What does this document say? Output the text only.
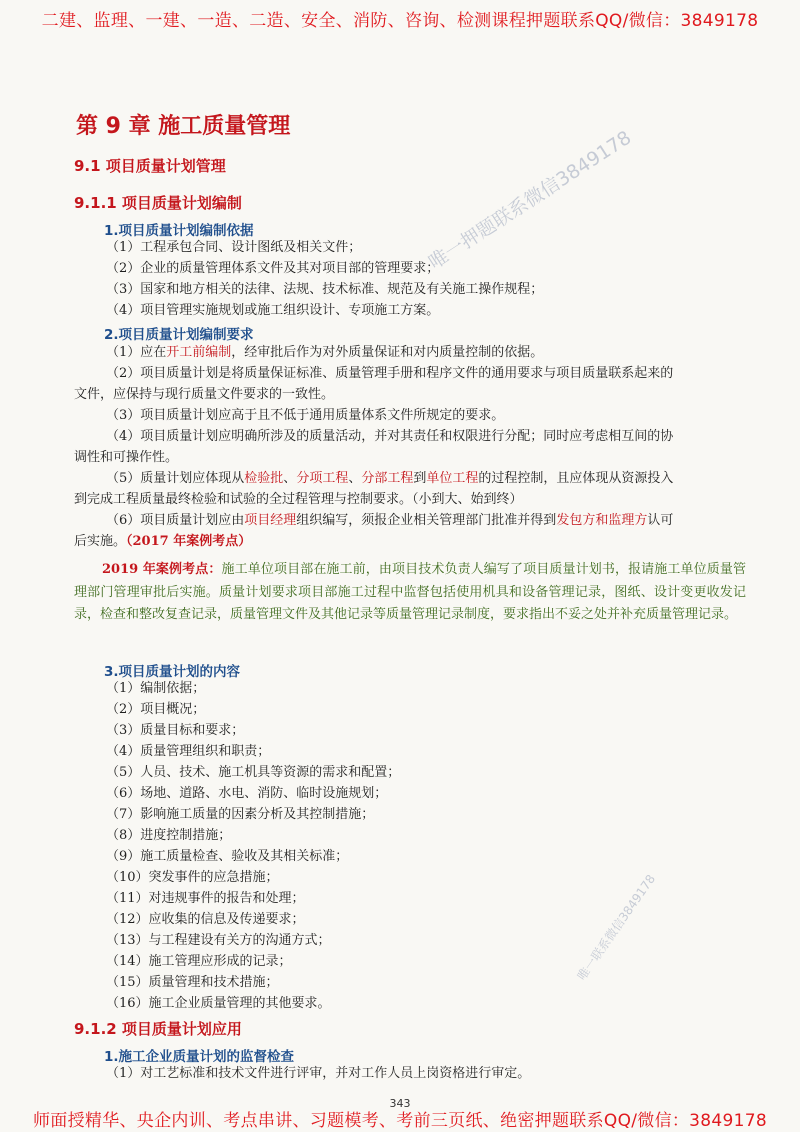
二建、监理、一建、一造、二造、安全、消防、咨询、检测课程押题联系QQ/微信：3849178
唯一押题联系微信3849178
唯一联系微信3849178
第 9 章 施工质量管理
9.1 项目质量计划管理
9.1.1 项目质量计划编制
1.项目质量计划编制依据
（1）工程承包合同、设计图纸及相关文件；
（2）企业的质量管理体系文件及其对项目部的管理要求；
（3）国家和地方相关的法律、法规、技术标准、规范及有关施工操作规程；
（4）项目管理实施规划或施工组织设计、专项施工方案。
2.项目质量计划编制要求
（1）应在开工前编制，经审批后作为对外质量保证和对内质量控制的依据。
（2）项目质量计划是将质量保证标准、质量管理手册和程序文件的通用要求与项目质量联系起来的
文件，应保持与现行质量文件要求的一致性。
（3）项目质量计划应高于且不低于通用质量体系文件所规定的要求。
（4）项目质量计划应明确所涉及的质量活动，并对其责任和权限进行分配；同时应考虑相互间的协
调性和可操作性。
（5）质量计划应体现从检验批、分项工程、分部工程到单位工程的过程控制，且应体现从资源投入
到完成工程质量最终检验和试验的全过程管理与控制要求。（小到大、始到终）
（6）项目质量计划应由项目经理组织编写，须报企业相关管理部门批准并得到发包方和监理方认可
后实施。（2017 年案例考点）
2019 年案例考点：施工单位项目部在施工前，由项目技术负责人编写了项目质量计划书，报请施工单位质量管理部门管理审批后实施。质量计划要求项目部施工过程中监督包括使用机具和设备管理记录，图纸、设计变更收发记录，检查和整改复查记录，质量管理文件及其他记录等质量管理记录制度，要求指出不妥之处并补充质量管理记录。
3.项目质量计划的内容
（1）编制依据；
（2）项目概况；
（3）质量目标和要求；
（4）质量管理组织和职责；
（5）人员、技术、施工机具等资源的需求和配置；
（6）场地、道路、水电、消防、临时设施规划；
（7）影响施工质量的因素分析及其控制措施；
（8）进度控制措施；
（9）施工质量检查、验收及其相关标准；
（10）突发事件的应急措施；
（11）对违规事件的报告和处理；
（12）应收集的信息及传递要求；
（13）与工程建设有关方的沟通方式；
（14）施工管理应形成的记录；
（15）质量管理和技术措施；
（16）施工企业质量管理的其他要求。
9.1.2 项目质量计划应用
1.施工企业质量计划的监督检查
（1）对工艺标准和技术文件进行评审，并对工作人员上岗资格进行审定。
343
师面授精华、央企内训、考点串讲、习题模考、考前三页纸、绝密押题联系QQ/微信：3849178
